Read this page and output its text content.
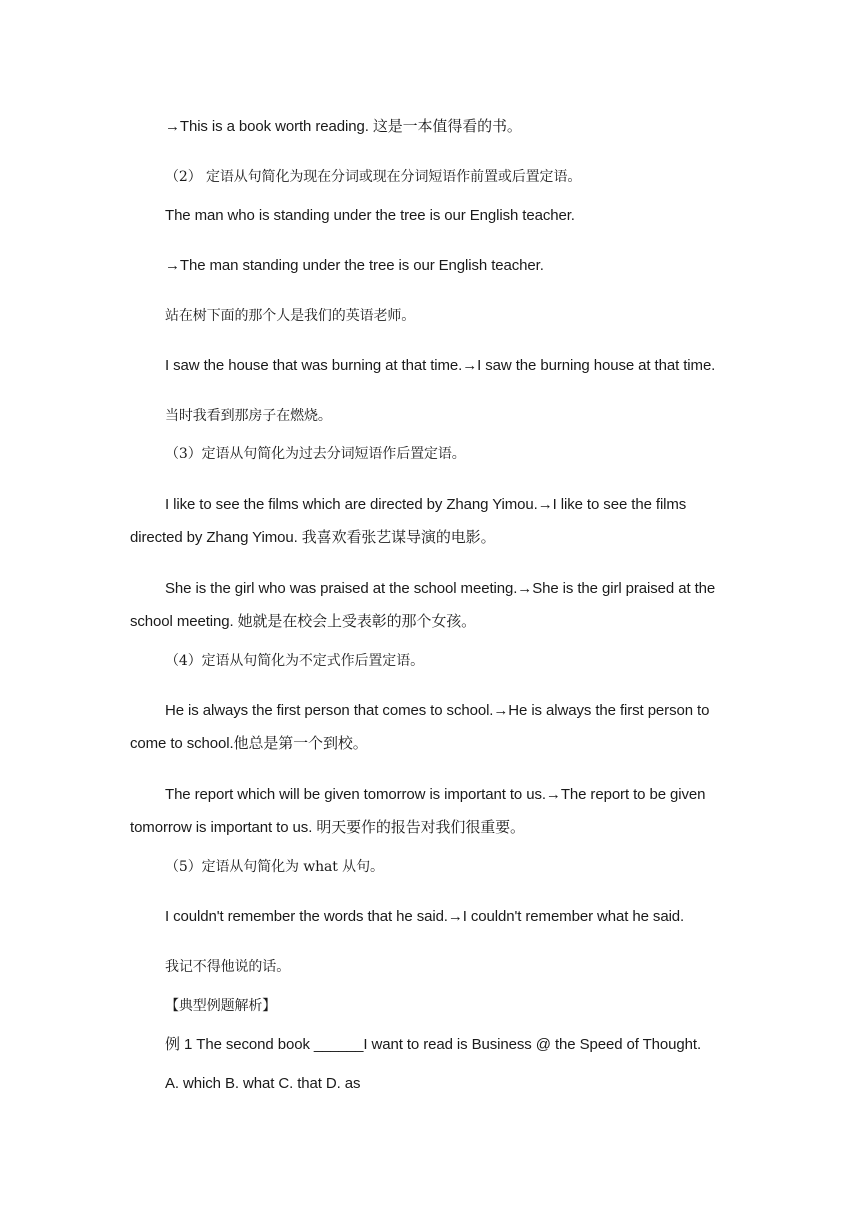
→This is a book worth reading. 这是一本值得看的书。
（2） 定语从句简化为现在分词或现在分词短语作前置或后置定语。
The man who is standing under the tree is our English teacher.
→The man standing under the tree is our English teacher.
站在树下面的那个人是我们的英语老师。
I saw the house that was burning at that time.→I saw the burning house at that time.
当时我看到那房子在燃烧。
（3）定语从句简化为过去分词短语作后置定语。
I like to see the films which are directed by Zhang Yimou.→I like to see the films
directed by Zhang Yimou. 我喜欢看张艺谋导演的电影。
She is the girl who was praised at the school meeting.→She is the girl praised at the
school meeting. 她就是在校会上受表彰的那个女孩。
（4）定语从句简化为不定式作后置定语。
He is always the first person that comes to school.→He is always the first person to
come to school.他总是第一个到校。
The report which will be given tomorrow is important to us.→The report to be given
tomorrow is important to us. 明天要作的报告对我们很重要。
（5）定语从句简化为 what 从句。
I couldn't remember the words that he said.→I couldn't remember what he said.
我记不得他说的话。
【典型例题解析】
例 1 The second book ______I want to read is Business @ the Speed of Thought.
A. which B. what C. that D. as
